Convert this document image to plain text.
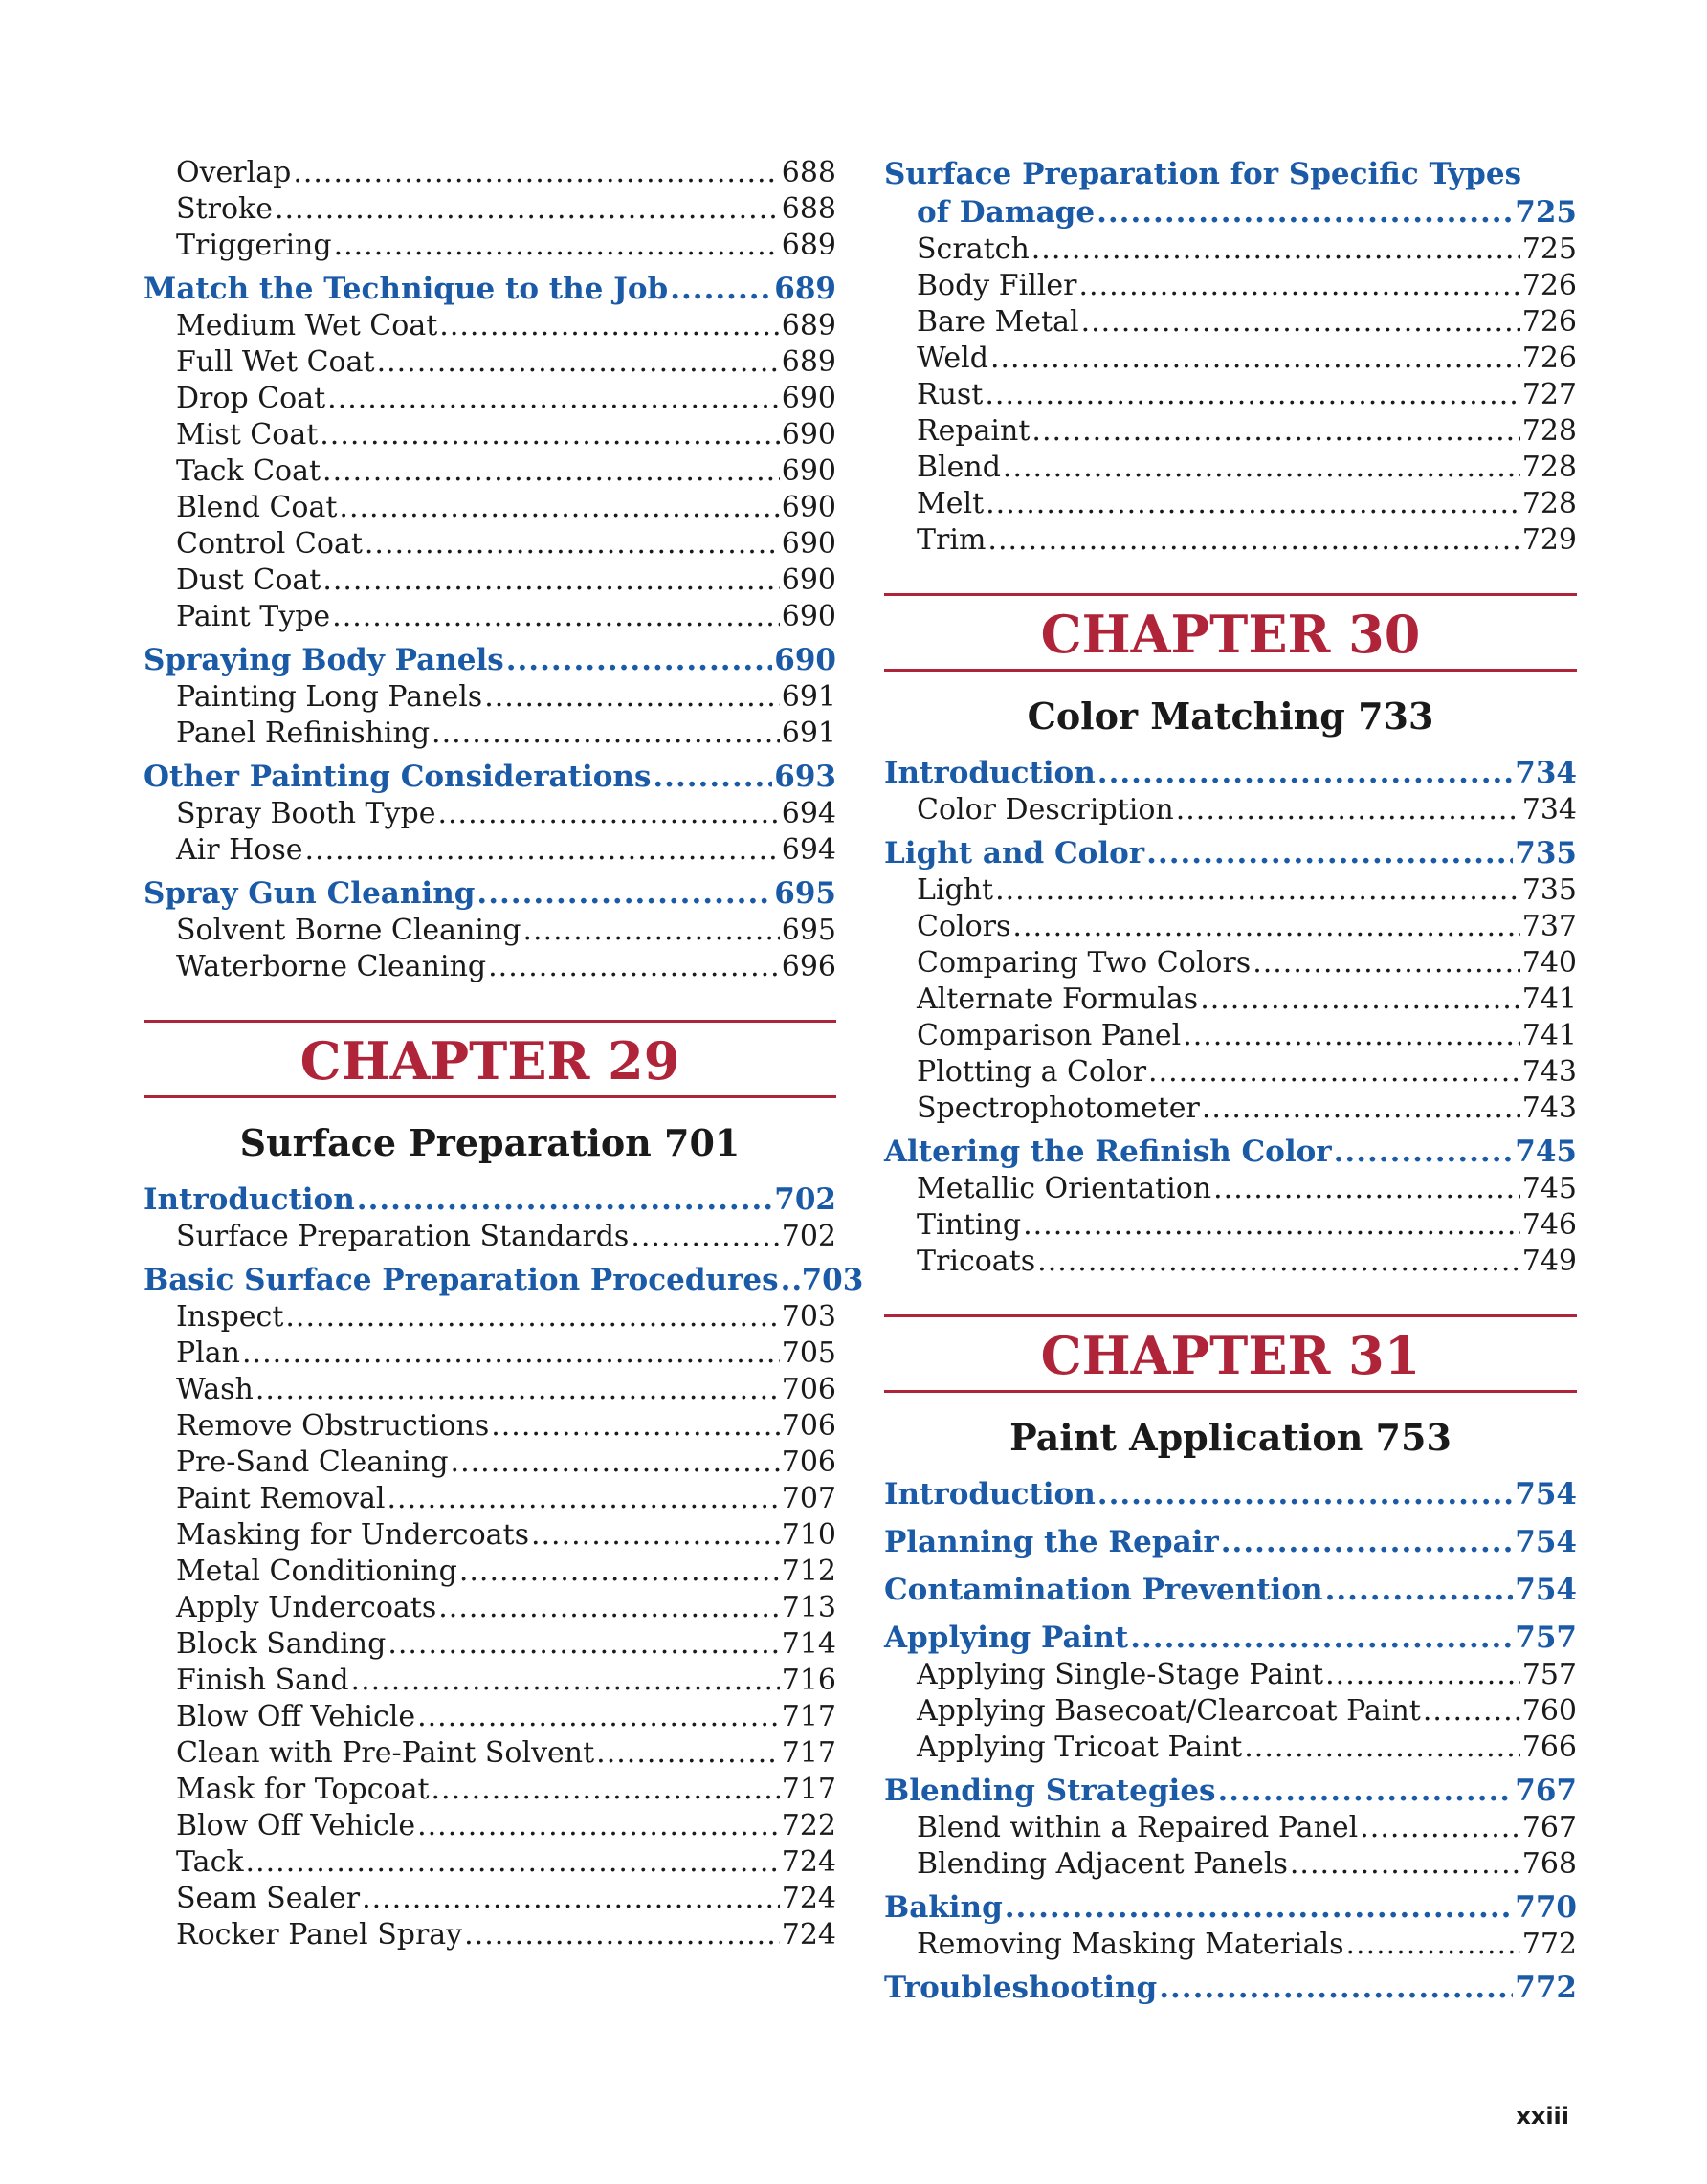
Overlap .....	688
Stroke .....	688
Triggering .....	689
Match the Technique to the Job .....	689
Medium Wet Coat .....	689
Full Wet Coat .....	689
Drop Coat .....	690
Mist Coat .....	690
Tack Coat .....	690
Blend Coat .....	690
Control Coat .....	690
Dust Coat .....	690
Paint Type .....	690
Spraying Body Panels .....	690
Painting Long Panels .....	691
Panel Refinishing .....	691
Other Painting Considerations .....	693
Spray Booth Type .....	694
Air Hose .....	694
Spray Gun Cleaning .....	695
Solvent Borne Cleaning .....	695
Waterborne Cleaning .....	696
CHAPTER 29
Surface Preparation 701
Introduction .....	702
Surface Preparation Standards .....	702
Basic Surface Preparation Procedures ..... 703
Inspect .....	703
Plan .....	705
Wash .....	706
Remove Obstructions .....	706
Pre-Sand Cleaning .....	706
Paint Removal .....	707
Masking for Undercoats .....	710
Metal Conditioning .....	712
Apply Undercoats .....	713
Block Sanding .....	714
Finish Sand .....	716
Blow Off Vehicle .....	717
Clean with Pre-Paint Solvent .....	717
Mask for Topcoat .....	717
Blow Off Vehicle .....	722
Tack .....	724
Seam Sealer .....	724
Rocker Panel Spray .....	724
Surface Preparation for Specific Types
of Damage .....	725
Scratch .....	725
Body Filler .....	726
Bare Metal .....	726
Weld .....	726
Rust .....	727
Repaint .....	728
Blend .....	728
Melt .....	728
Trim .....	729
CHAPTER 30
Color Matching 733
Introduction .....	734
Color Description .....	734
Light and Color .....	735
Light .....	735
Colors .....	737
Comparing Two Colors .....	740
Alternate Formulas .....	741
Comparison Panel .....	741
Plotting a Color .....	743
Spectrophotometer .....	743
Altering the Refinish Color .....	745
Metallic Orientation .....	745
Tinting .....	746
Tricoats .....	749
CHAPTER 31
Paint Application 753
Introduction .....	754
Planning the Repair .....	754
Contamination Prevention .....	754
Applying Paint .....	757
Applying Single-Stage Paint .....	757
Applying Basecoat/Clearcoat Paint .....	760
Applying Tricoat Paint .....	766
Blending Strategies .....	767
Blend within a Repaired Panel .....	767
Blending Adjacent Panels .....	768
Baking .....	770
Removing Masking Materials .....	772
Troubleshooting .....	772
xxiii
